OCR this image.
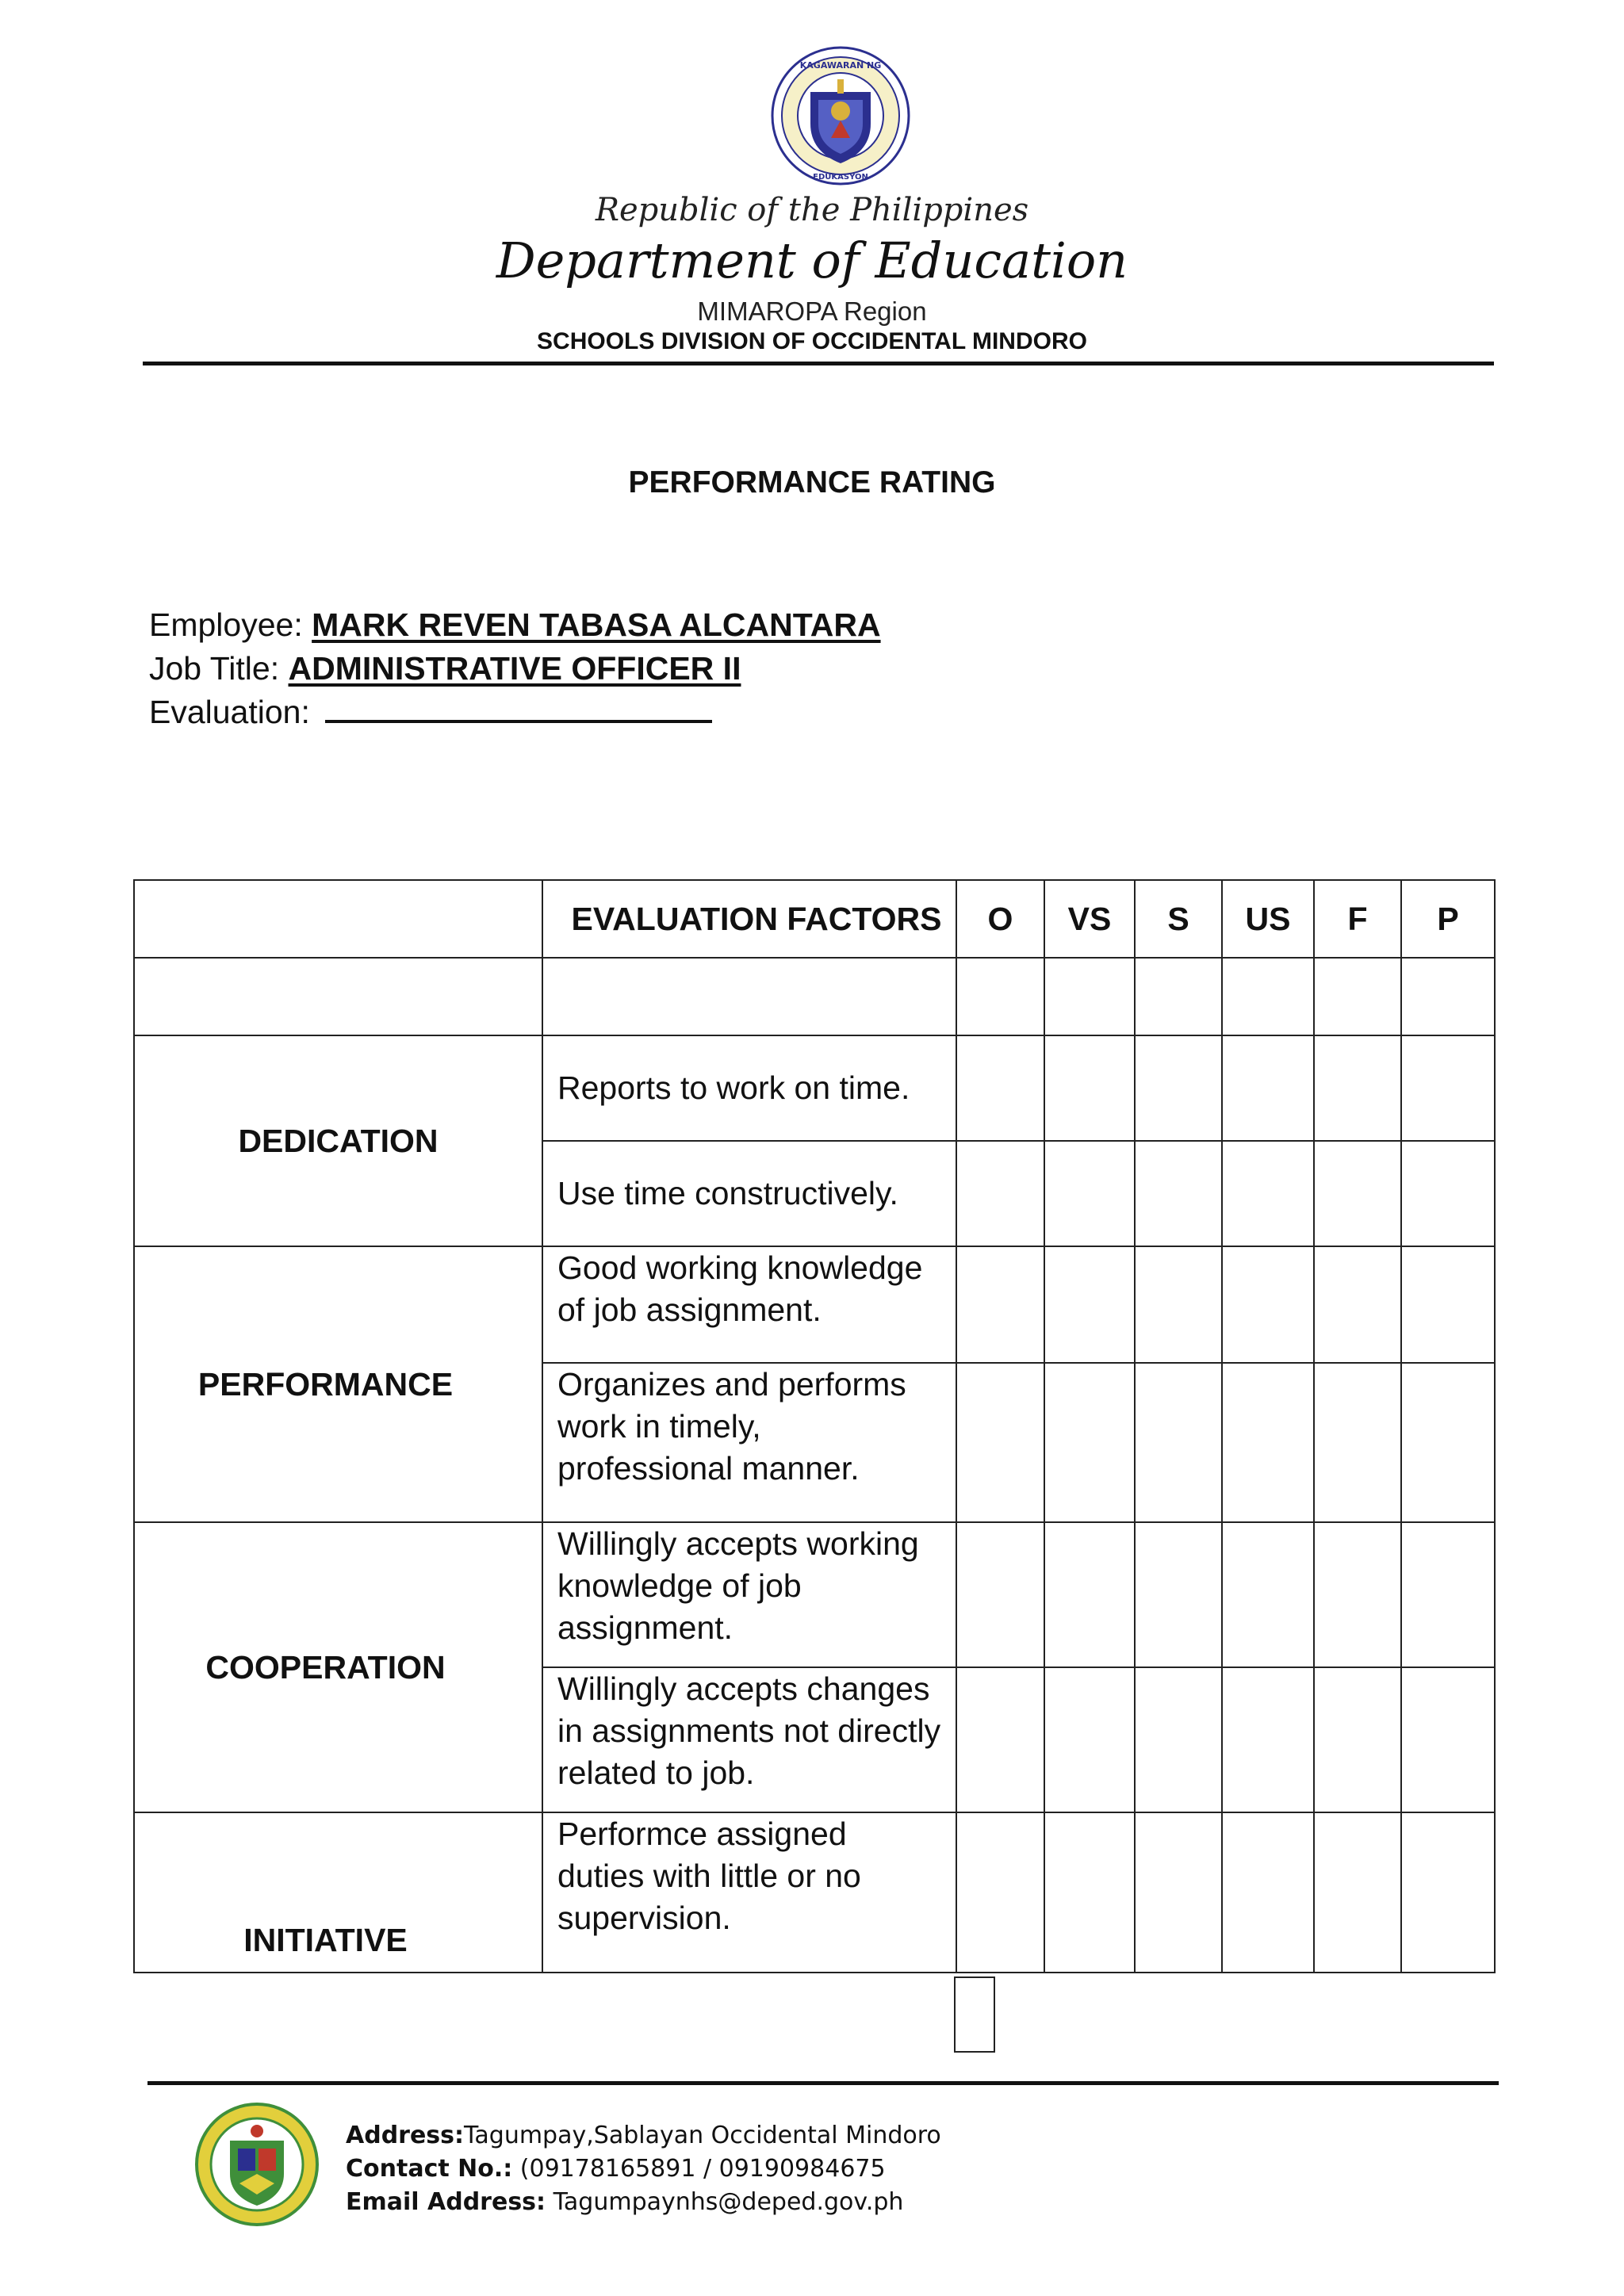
KAGAWARAN NG
EDUKASYON
Republic of the Philippines
Department of Education
MIMAROPA Region
SCHOOLS DIVISION OF OCCIDENTAL MINDORO
PERFORMANCE RATING
Employee: MARK REVEN TABASA ALCANTARA
Job Title: ADMINISTRATIVE OFFICER II
Evaluation:
	EVALUATION FACTORS	O	VS	S	US	F	P

DEDICATION	Reports to work on time.						
	Use time constructively.						
PERFORMANCE	Good working knowledge of job assignment.						
	Organizes and performs work in timely, professional manner.						
COOPERATION	Willingly accepts working knowledge of job assignment.						
	Willingly accepts changes in assignments not directly related to job.						
INITIATIVE	Performce assigned duties with little or no supervision.						
Address:Tagumpay,Sablayan Occidental Mindoro
Contact No.: (09178165891 / 09190984675
Email Address: Tagumpaynhs@deped.gov.ph
